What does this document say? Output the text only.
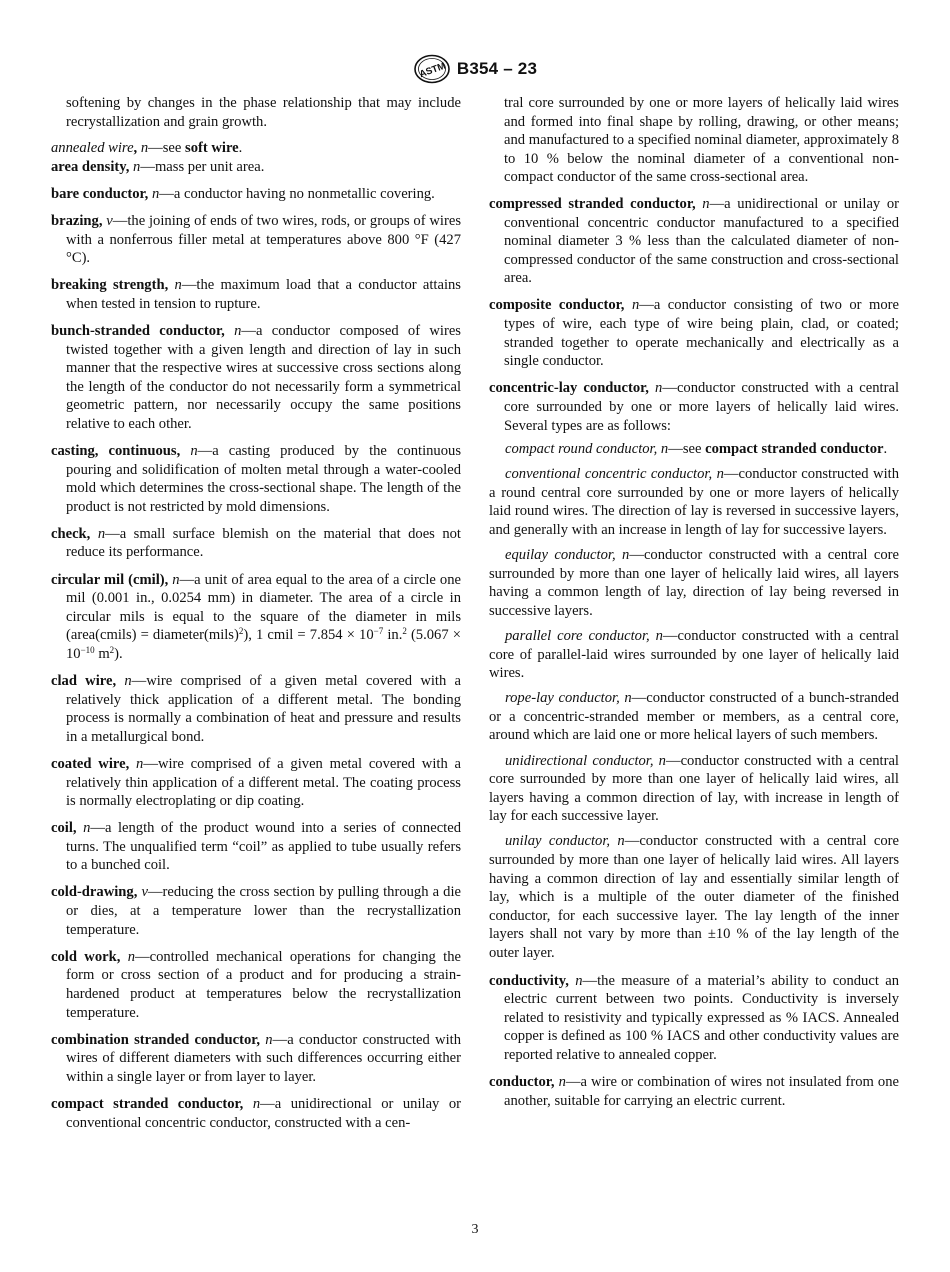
ASTM B354 – 23

softening by changes in the phase relationship that may include recrystallization and grain growth.

annealed wire, n—see soft wire.

area density, n—mass per unit area.

bare conductor, n—a conductor having no nonmetallic covering.

brazing, v—the joining of ends of two wires, rods, or groups of wires with a nonferrous filler metal at temperatures above 800 °F (427 °C).

breaking strength, n—the maximum load that a conductor attains when tested in tension to rupture.

bunch-stranded conductor, n—a conductor composed of wires twisted together with a given length and direction of lay in such manner that the respective wires at successive cross sections along the length of the conductor do not necessarily form a symmetrical geometric pattern, nor necessarily occupy the same positions relative to each other.

casting, continuous, n—a casting produced by the continuous pouring and solidification of molten metal through a water-cooled mold which determines the cross-sectional shape. The length of the product is not restricted by mold dimensions.

check, n—a small surface blemish on the material that does not reduce its performance.

circular mil (cmil), n—a unit of area equal to the area of a circle one mil (0.001 in., 0.0254 mm) in diameter. The area of a circle in circular mils is equal to the square of the diameter in mils (area(cmils) = diameter(mils)$^2$), 1 cmil = $7.854 \times 10^{-7}$ in.$^2$ ($5.067 \times 10^{-10}$ $m^2$).

clad wire, n—wire comprised of a given metal covered with a relatively thick application of a different metal. The bonding process is normally a combination of heat and pressure and results in a metallurgical bond.

coated wire, n—wire comprised of a given metal covered with a relatively thin application of a different metal. The coating process is normally electroplating or dip coating.

coil, n—a length of the product wound into a series of connected turns. The unqualified term “coil” as applied to tube usually refers to a bunched coil.

cold-drawing, v—reducing the cross section by pulling through a die or dies, at a temperature lower than the recrystallization temperature.

cold work, n—controlled mechanical operations for changing the form or cross section of a product and for producing a strain-hardened product at temperatures below the recrystallization temperature.

combination stranded conductor, n—a conductor constructed with wires of different diameters with such differences occurring either within a single layer or from layer to layer.

compact stranded conductor, n—a unidirectional or unilay or conventional concentric conductor, constructed with a cen-

tral core surrounded by one or more layers of helically laid wires and formed into final shape by rolling, drawing, or other means; and manufactured to a specified nominal diameter, approximately 8 to 10 % below the nominal diameter of a conventional non-compact conductor of the same cross-sectional area.

compressed stranded conductor, n—a unidirectional or unilay or conventional concentric conductor manufactured to a specified nominal diameter 3 % less than the calculated diameter of non-compressed conductor of the same construction and cross-sectional area.

composite conductor, n—a conductor consisting of two or more types of wire, each type of wire being plain, clad, or coated; stranded together to operate mechanically and electrically as a single conductor.

concentric-lay conductor, n—conductor constructed with a central core surrounded by one or more layers of helically laid wires. Several types are as follows:

compact round conductor, n—see compact stranded conductor.

conventional concentric conductor, n—conductor constructed with a round central core surrounded by one or more layers of helically laid round wires. The direction of lay is reversed in successive layers, and generally with an increase in length of lay for successive layers.

equilay conductor, n—conductor constructed with a central core surrounded by more than one layer of helically laid wires, all layers having a common length of lay, direction of lay being reversed in successive layers.

parallel core conductor, n—conductor constructed with a central core of parallel-laid wires surrounded by one layer of helically laid wires.

rope-lay conductor, n—conductor constructed of a bunch-stranded or a concentric-stranded member or members, as a central core, around which are laid one or more helical layers of such members.

unidirectional conductor, n—conductor constructed with a central core surrounded by more than one layer of helically laid wires, all layers having a common direction of lay, with increase in length of lay for each successive layer.

unilay conductor, n—conductor constructed with a central core surrounded by more than one layer of helically laid wires. All layers having a common direction of lay and essentially similar length of lay, which is a multiple of the outer diameter of the finished conductor, for each successive layer. The lay length of the inner layers shall not vary by more than ±10 % of the lay length of the outer layer.

conductivity, n—the measure of a material’s ability to conduct an electric current between two points. Conductivity is inversely related to resistivity and typically expressed as % IACS. Annealed copper is defined as 100 % IACS and other conductivity values are reported relative to annealed copper.

conductor, n—a wire or combination of wires not insulated from one another, suitable for carrying an electric current.

3
